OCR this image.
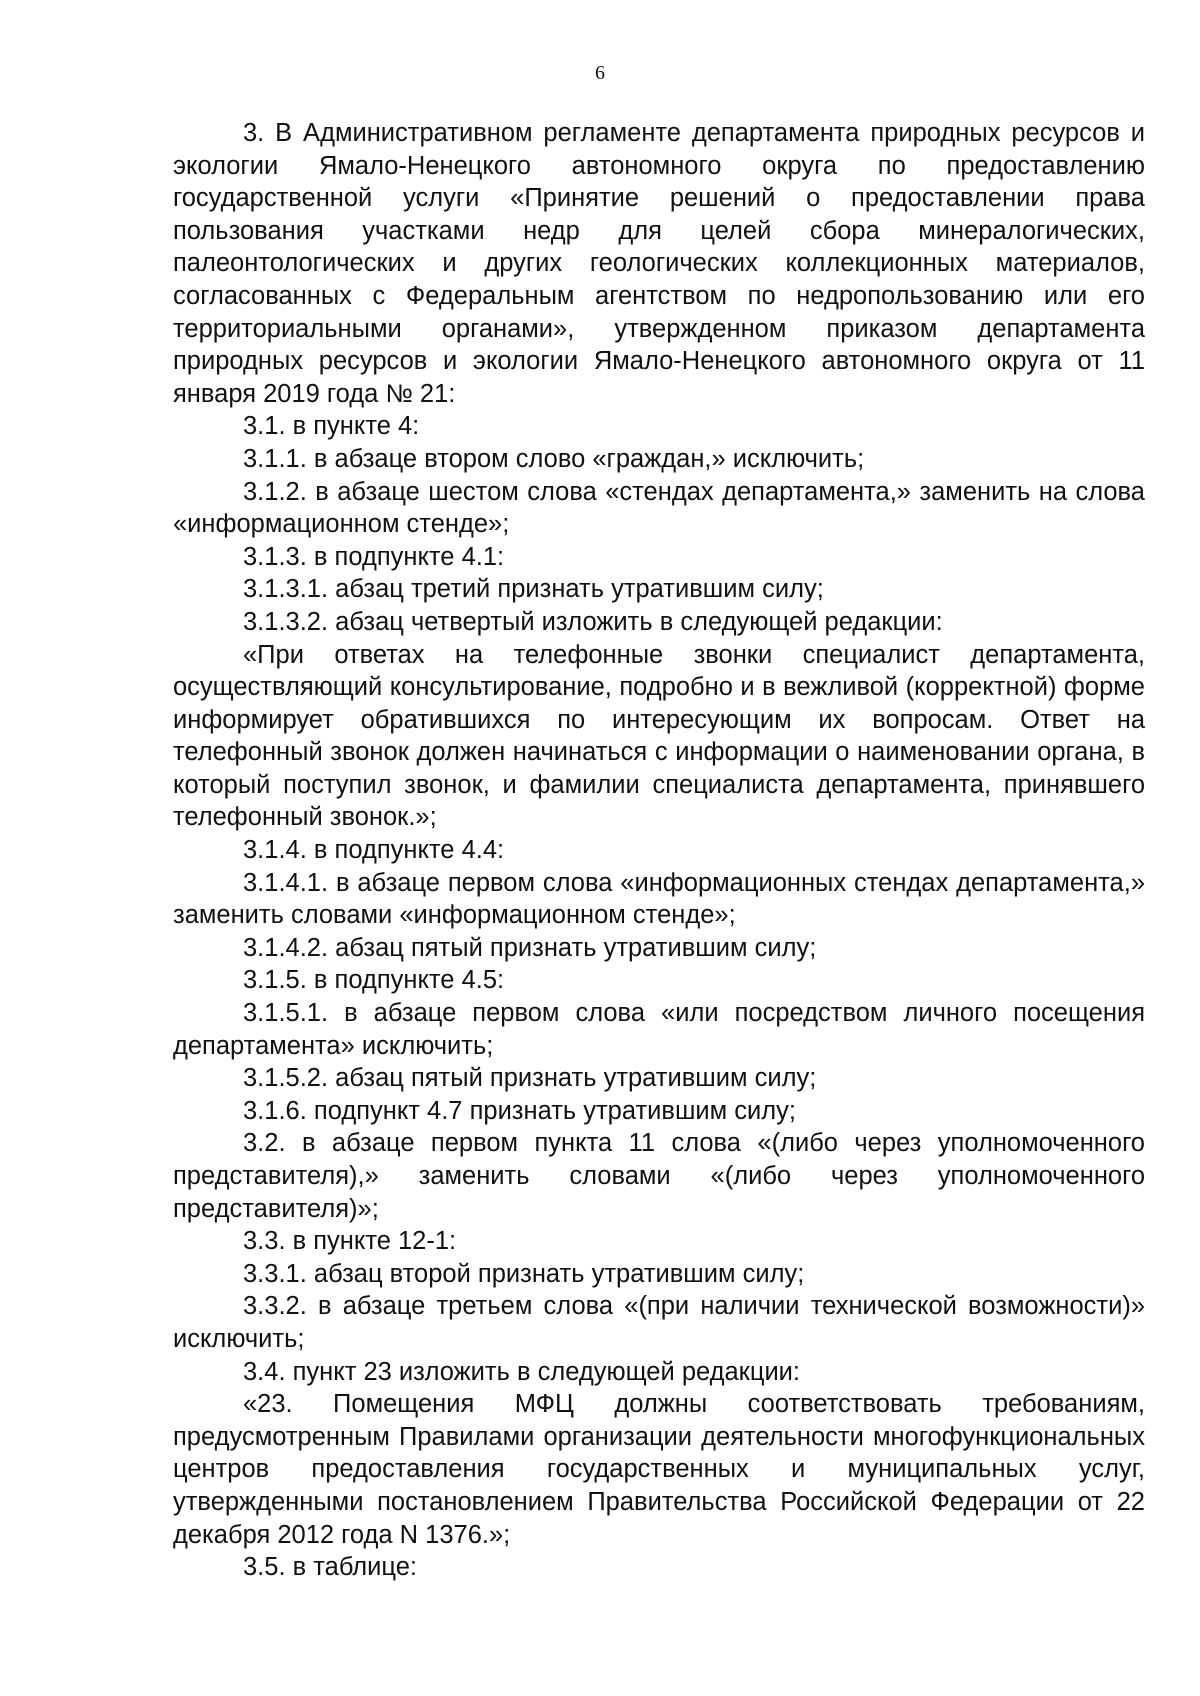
6

3. В Административном регламенте департамента природных ресурсов и экологии Ямало-Ненецкого автономного округа по предоставлению государственной услуги «Принятие решений о предоставлении права пользования участками недр для целей сбора минералогических, палеонтологических и других геологических коллекционных материалов, согласованных с Федеральным агентством по недропользованию или его территориальными органами», утвержденном приказом департамента природных ресурсов и экологии Ямало-Ненецкого автономного округа от 11 января 2019 года № 21:

3.1. в пункте 4:

3.1.1. в абзаце втором слово «граждан,» исключить;

3.1.2. в абзаце шестом слова «стендах департамента,» заменить на слова «информационном стенде»;

3.1.3. в подпункте 4.1:

3.1.3.1. абзац третий признать утратившим силу;

3.1.3.2. абзац четвертый изложить в следующей редакции:

«При ответах на телефонные звонки специалист департамента, осуществляющий консультирование, подробно и в вежливой (корректной) форме информирует обратившихся по интересующим их вопросам. Ответ на телефонный звонок должен начинаться с информации о наименовании органа, в который поступил звонок, и фамилии специалиста департамента, принявшего телефонный звонок.»;

3.1.4. в подпункте 4.4:

3.1.4.1. в абзаце первом слова «информационных стендах департамента,» заменить словами «информационном стенде»;

3.1.4.2. абзац пятый признать утратившим силу;

3.1.5. в подпункте 4.5:

3.1.5.1. в абзаце первом слова «или посредством личного посещения департамента» исключить;

3.1.5.2. абзац пятый признать утратившим силу;

3.1.6. подпункт 4.7 признать утратившим силу;

3.2. в абзаце первом пункта 11 слова «(либо через уполномоченного представителя),» заменить словами «(либо через уполномоченного представителя)»;

3.3. в пункте 12-1:

3.3.1. абзац второй признать утратившим силу;

3.3.2. в абзаце третьем слова «(при наличии технической возможности)» исключить;

3.4. пункт 23 изложить в следующей редакции:

«23. Помещения МФЦ должны соответствовать требованиям, предусмотренным Правилами организации деятельности многофункциональных центров предоставления государственных и муниципальных услуг, утвержденными постановлением Правительства Российской Федерации от 22 декабря 2012 года N 1376.»;

3.5. в таблице:
